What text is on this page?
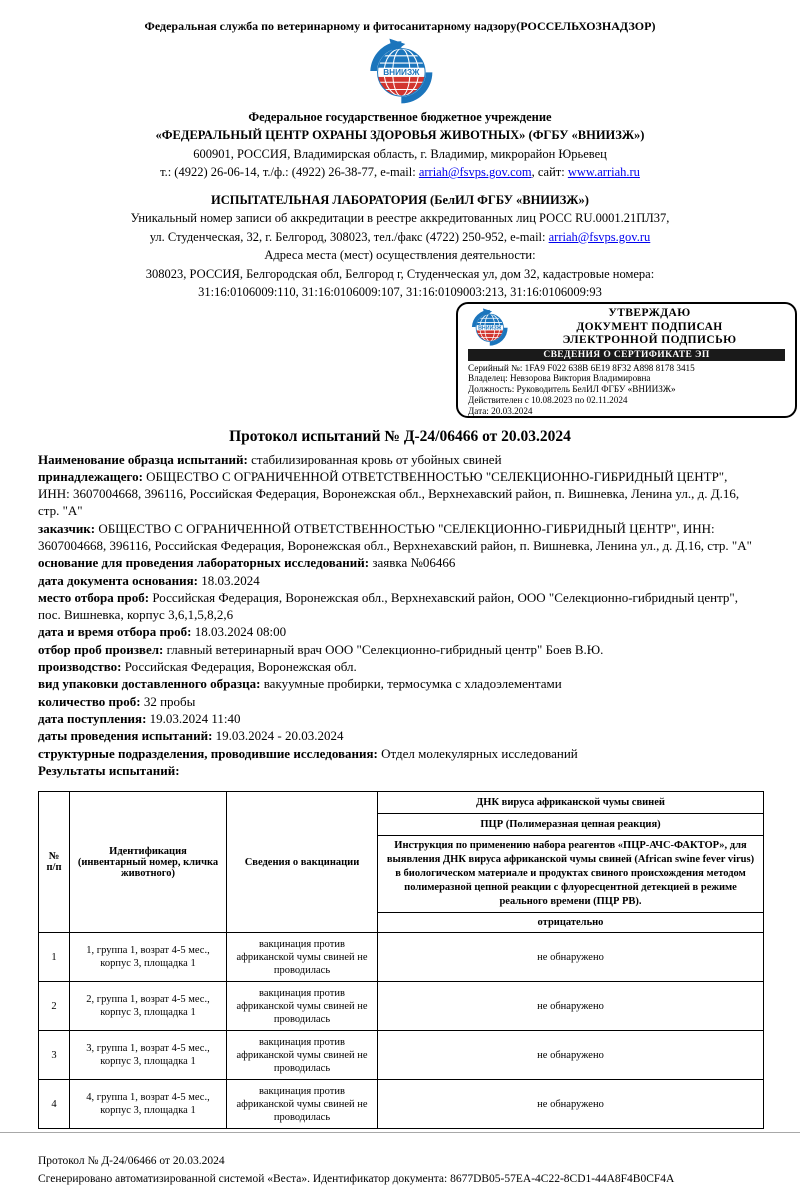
Федеральная служба по ветеринарному и фитосанитарному надзору(РОССЕЛЬХОЗНАДЗОР)
ВНИИЗЖ
Федеральное государственное бюджетное учреждение
«ФЕДЕРАЛЬНЫЙ ЦЕНТР ОХРАНЫ ЗДОРОВЬЯ ЖИВОТНЫХ» (ФГБУ «ВНИИЗЖ»)
600901, РОССИЯ, Владимирская область, г. Владимир, микрорайон Юрьевец
т.: (4922) 26-06-14, т./ф.: (4922) 26-38-77, e-mail: arriah@fsvps.gov.com, сайт: www.arriah.ru
ИСПЫТАТЕЛЬНАЯ ЛАБОРАТОРИЯ (БелИЛ ФГБУ «ВНИИЗЖ»)
Уникальный номер записи об аккредитации в реестре аккредитованных лиц РОСС RU.0001.21ПЛ37,
ул. Студенческая, 32, г. Белгород, 308023, тел./факс (4722) 250-952, e-mail: arriah@fsvps.gov.ru
Адреса места (мест) осуществления деятельности:
308023, РОССИЯ, Белгородская обл, Белгород г, Студенческая ул, дом 32, кадастровые номера:
31:16:0106009:110, 31:16:0106009:107, 31:16:0109003:213, 31:16:0106009:93
ВНИИЗЖ
УТВЕРЖДАЮ
ДОКУМЕНТ ПОДПИСАН
ЭЛЕКТРОННОЙ ПОДПИСЬЮ
СВЕДЕНИЯ О СЕРТИФИКАТЕ ЭП
Серийный №: 1FA9 F022 638B 6E19 8F32 A898 8178 3415
Владелец: Невзорова Виктория Владимировна
Должность: Руководитель БелИЛ ФГБУ «ВНИИЗЖ»
Действителен с 10.08.2023 по 02.11.2024
Дата: 20.03.2024
Протокол испытаний № Д-24/06466 от 20.03.2024
Наименование образца испытаний: стабилизированная кровь от убойных свиней
принадлежащего: ОБЩЕСТВО С ОГРАНИЧЕННОЙ ОТВЕТСТВЕННОСТЬЮ "СЕЛЕКЦИОННО-ГИБРИДНЫЙ ЦЕНТР", ИНН: 3607004668, 396116, Российская Федерация, Воронежская обл., Верхнехавский район, п. Вишневка, Ленина ул., д. Д.16, стр. "А"
заказчик: ОБЩЕСТВО С ОГРАНИЧЕННОЙ ОТВЕТСТВЕННОСТЬЮ "СЕЛЕКЦИОННО-ГИБРИДНЫЙ ЦЕНТР", ИНН: 3607004668, 396116, Российская Федерация, Воронежская обл., Верхнехавский район, п. Вишневка, Ленина ул., д. Д.16, стр. "А"
основание для проведения лабораторных исследований: заявка №06466
дата документа основания: 18.03.2024
место отбора проб: Российская Федерация, Воронежская обл., Верхнехавский район, ООО "Селекционно-гибридный центр", пос. Вишневка, корпус 3,6,1,5,8,2,6
дата и время отбора проб: 18.03.2024 08:00
отбор проб произвел: главный ветеринарный врач ООО "Селекционно-гибридный центр" Боев В.Ю.
производство: Российская Федерация, Воронежская обл.
вид упаковки доставленного образца: вакуумные пробирки, термосумка с хладоэлементами
количество проб: 32 пробы
дата поступления: 19.03.2024 11:40
даты проведения испытаний: 19.03.2024 - 20.03.2024
структурные подразделения, проводившие исследования: Отдел молекулярных исследований
Результаты испытаний:
№ п/п	Идентификация (инвентарный номер, кличка животного)	Сведения о вакцинации	ДНК вируса африканской чумы свиней
			ПЦР (Полимеразная цепная реакция)
			Инструкция по применению набора реагентов «ПЦР-АЧС-ФАКТОР», для выявления ДНК вируса африканской чумы свиней (African swine fever virus) в биологическом материале и продуктах свиного происхождения методом полимеразной цепной реакции с флуоресцентной детекцией в режиме реального времени (ПЦР РВ).
			отрицательно
1	1, группа 1, возрат 4-5 мес., корпус 3, площадка 1	вакцинация против африканской чумы свиней не проводилась	не обнаружено
2	2, группа 1, возрат 4-5 мес., корпус 3, площадка 1	вакцинация против африканской чумы свиней не проводилась	не обнаружено
3	3, группа 1, возрат 4-5 мес., корпус 3, площадка 1	вакцинация против африканской чумы свиней не проводилась	не обнаружено
4	4, группа 1, возрат 4-5 мес., корпус 3, площадка 1	вакцинация против африканской чумы свиней не проводилась	не обнаружено
Протокол № Д-24/06466 от 20.03.2024
Сгенерировано автоматизированной системой «Веста». Идентификатор документа: 8677DB05-57EA-4C22-8CD1-44A8F4B0CF4A
